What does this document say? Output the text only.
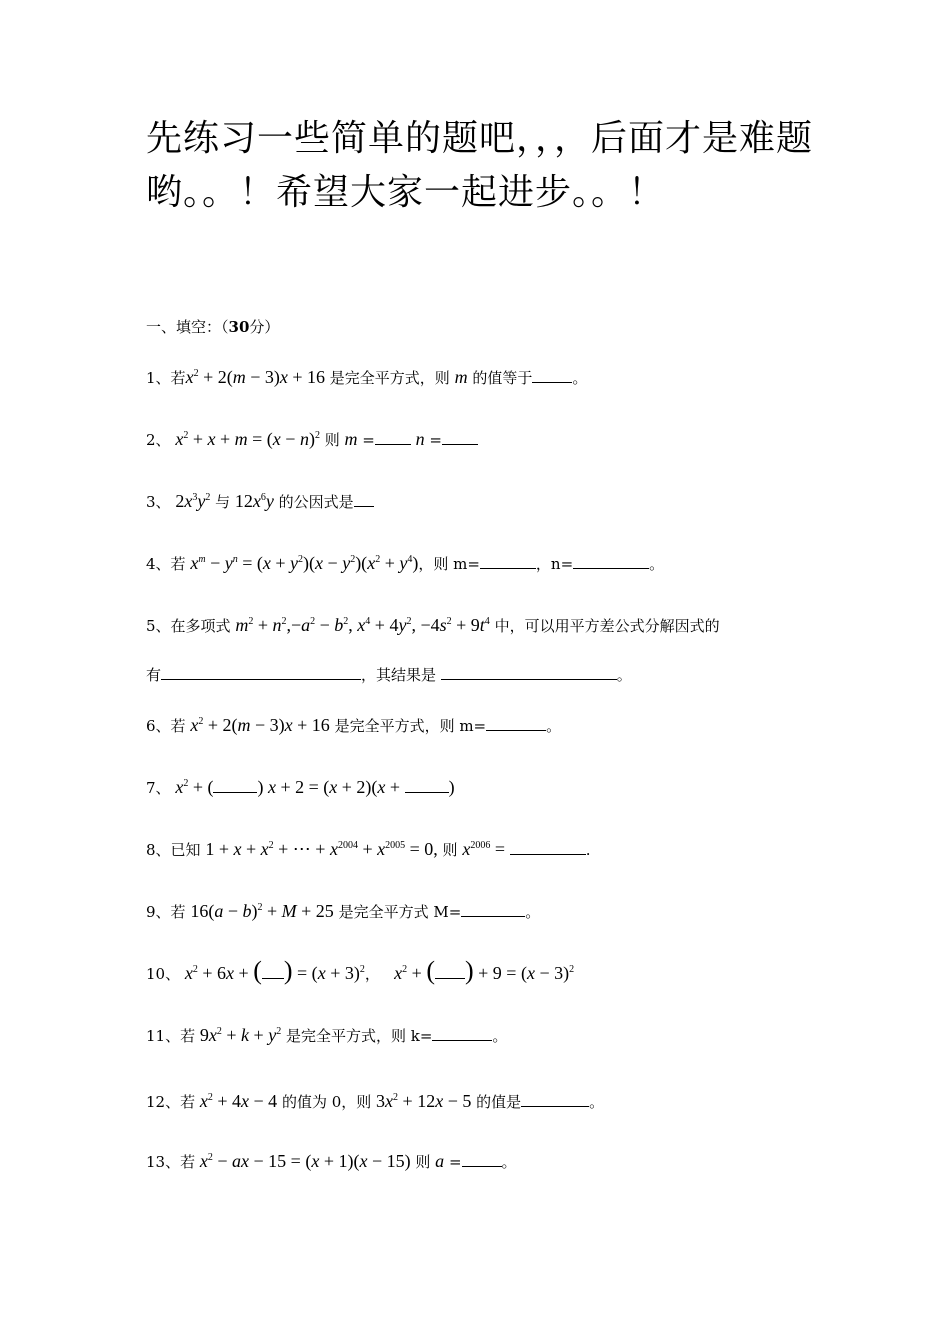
先练习一些简单的题吧，，，后面才是难题哟。。！希望大家一起进步。。！
一、填空：（30分）
1、若$x^2 + 2(m - 3)x + 16$ 是完全平方式，则 m 的值等于	。
2、 $x^2 + x + m = (x - n)^2$ 则 m = n =
3、 $2x^3y^2$ 与 $12x^6y$ 的公因式是
4、若 $x^m - y^n = (x + y^2)(x - y^2)(x^2 + y^4)$，则 m=	，n=	。
5、在多项式 $m^2 + n^2,-a^2 - b^2$, $x^4 + 4y^2$, $-4s^2 + 9t^4$ 中，可以用平方差公式分解因式的
有	，其结果是	。
6、若 $x^2 + 2(m - 3)x + 16$ 是完全平方式，则 m=	。
7、 $x^2$ + ( ) x + 2 = (x + 2)(x + )
8、已知 $1 + x + x^2$ + ⋯ + $x^{2004} + x^{2005} = 0$, 则 $x^{2006}$ =	.
9、若 $16(a - b)^2 + M + 25$ 是完全平方式 M=	。
10、 $x^2 + 6x$ + ( ) = $(x + 3)^2$，   $x^2$ + ( ) + $9 = (x - 3)^2$
11、若 $9x^2 + k + y^2$ 是完全平方式，则 k=	。
12、若 $x^2 + 4x - 4$ 的值为 0，则 $3x^2 + 12x - 5$ 的值是	。
13、若 $x^2$ − ax − 15 = (x + 1)(x − 15) 则 a =	。
